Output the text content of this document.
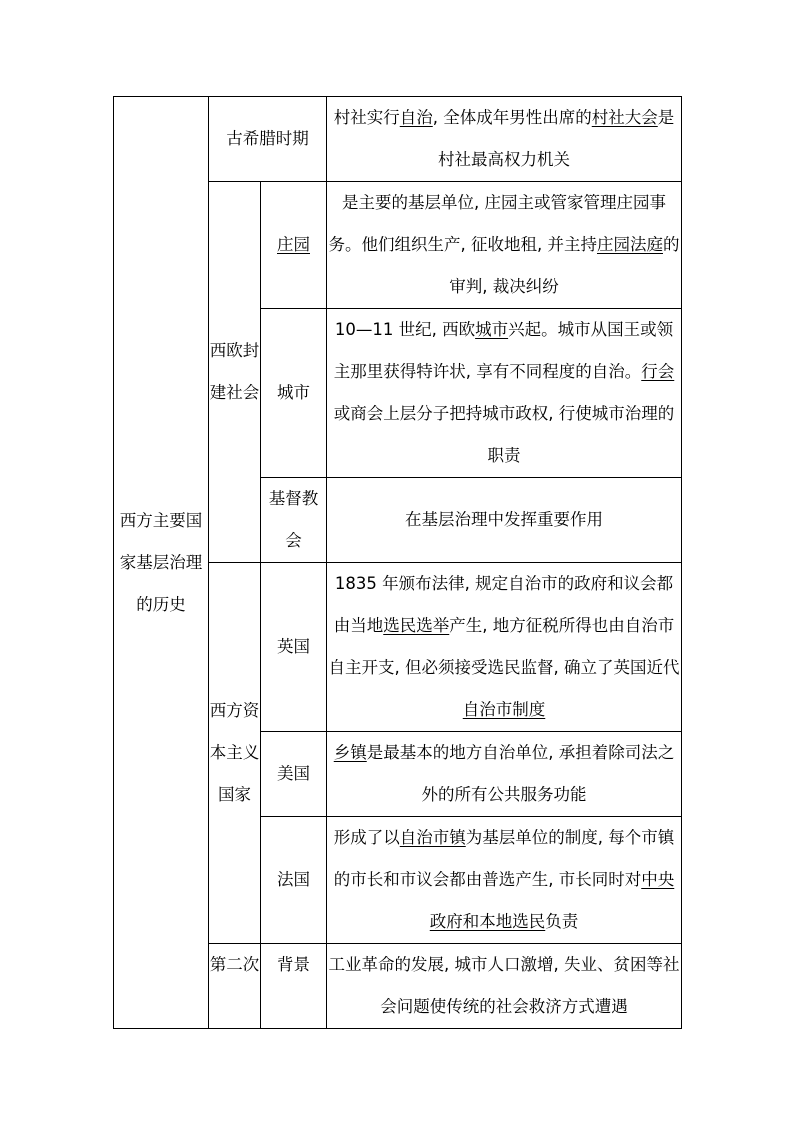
西方主要国家基层治理的历史	古希腊时期		村社实行自治, 全体成年男性出席的村社大会是村社最高权力机关
	西欧封建社会	庄园	是主要的基层单位, 庄园主或管家管理庄园事务。他们组织生产, 征收地租, 并主持庄园法庭的审判, 裁决纠纷
		城市	10—11 世纪, 西欧城市兴起。城市从国王或领主那里获得特许状, 享有不同程度的自治。行会或商会上层分子把持城市政权, 行使城市治理的职责
		基督教会	在基层治理中发挥重要作用
	西方资本主义国家	英国	1835 年颁布法律, 规定自治市的政府和议会都由当地选民选举产生, 地方征税所得也由自治市自主开支, 但必须接受选民监督, 确立了英国近代自治市制度
		美国	乡镇是最基本的地方自治单位, 承担着除司法之外的所有公共服务功能
		法国	形成了以自治市镇为基层单位的制度, 每个市镇的市长和市议会都由普选产生, 市长同时对中央政府和本地选民负责

	第二次	背景	工业革命的发展, 城市人口激增, 失业、贫困等社会问题使传统的社会救济方式遭遇
